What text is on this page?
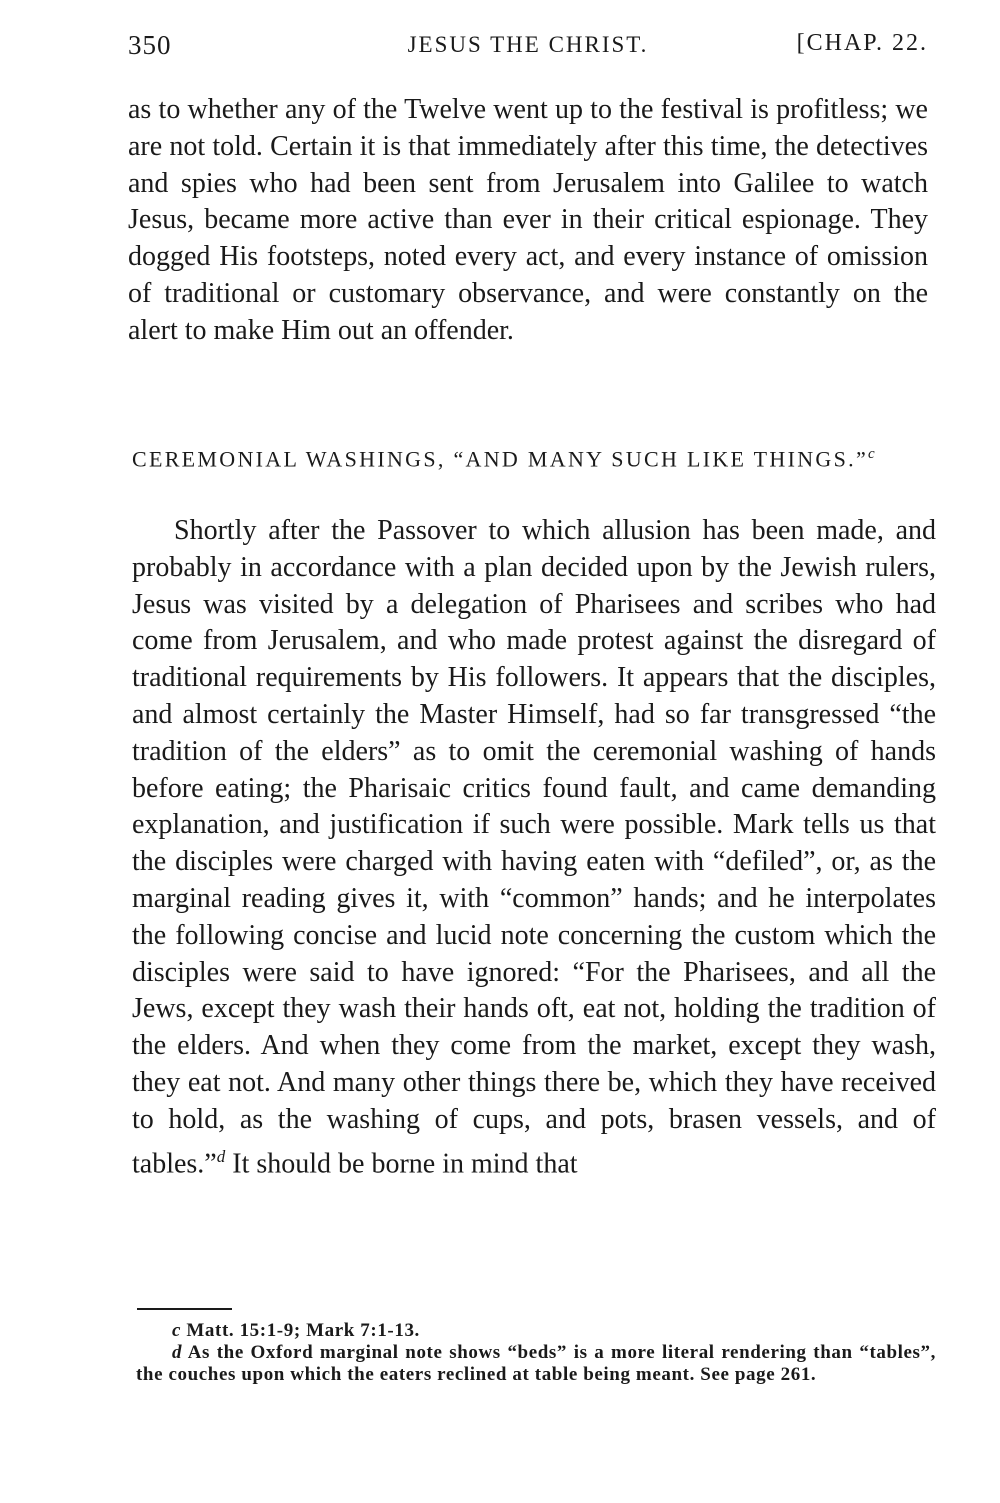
350	JESUS THE CHRIST.	[CHAP. 22.

as to whether any of the Twelve went up to the festival is profitless; we are not told. Certain it is that immediately after this time, the detectives and spies who had been sent from Jerusalem into Galilee to watch Jesus, became more active than ever in their critical espionage. They dogged His footsteps, noted every act, and every instance of omission of traditional or customary observance, and were constantly on the alert to make Him out an offender.

CEREMONIAL WASHINGS, “AND MANY SUCH LIKE THINGS.”$^c$

Shortly after the Passover to which allusion has been made, and probably in accordance with a plan decided upon by the Jewish rulers, Jesus was visited by a delegation of Pharisees and scribes who had come from Jerusalem, and who made protest against the disregard of traditional requirements by His followers. It appears that the disciples, and almost certainly the Master Himself, had so far transgressed “the tradition of the elders” as to omit the ceremonial washing of hands before eating; the Pharisaic critics found fault, and came demanding explanation, and justification if such were possible. Mark tells us that the disciples were charged with having eaten with “defiled”, or, as the marginal reading gives it, with “common” hands; and he interpolates the following concise and lucid note concerning the custom which the disciples were said to have ignored: “For the Pharisees, and all the Jews, except they wash their hands oft, eat not, holding the tradition of the elders. And when they come from the market, except they wash, they eat not. And many other things there be, which they have received to hold, as the washing of cups, and pots, brasen vessels, and of tables.”$^d$ It should be borne in mind that

c Matt. 15:1-9; Mark 7:1-13.

d As the Oxford marginal note shows “beds” is a more literal rendering than “tables”, the couches upon which the eaters reclined at table being meant. See page 261.
